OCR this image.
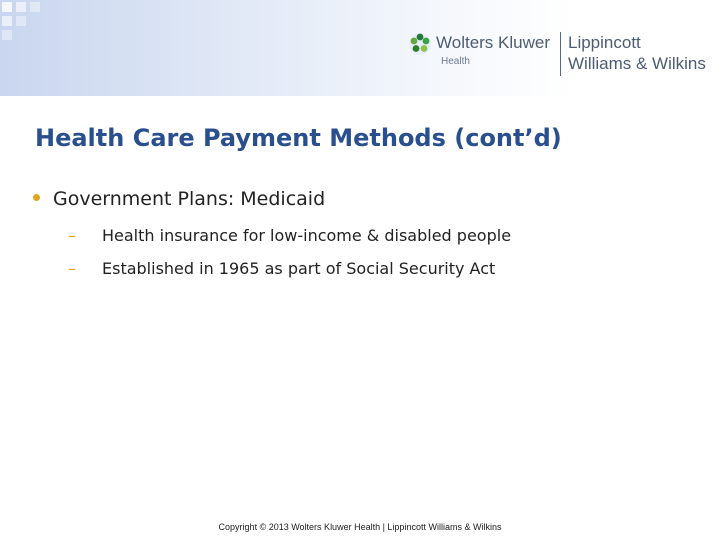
Wolters Kluwer
Health
Lippincott
Williams & Wilkins
Health Care Payment Methods (cont’d)
Government Plans: Medicaid
– Health insurance for low-income & disabled people
– Established in 1965 as part of Social Security Act
Copyright © 2013 Wolters Kluwer Health | Lippincott Williams & Wilkins
